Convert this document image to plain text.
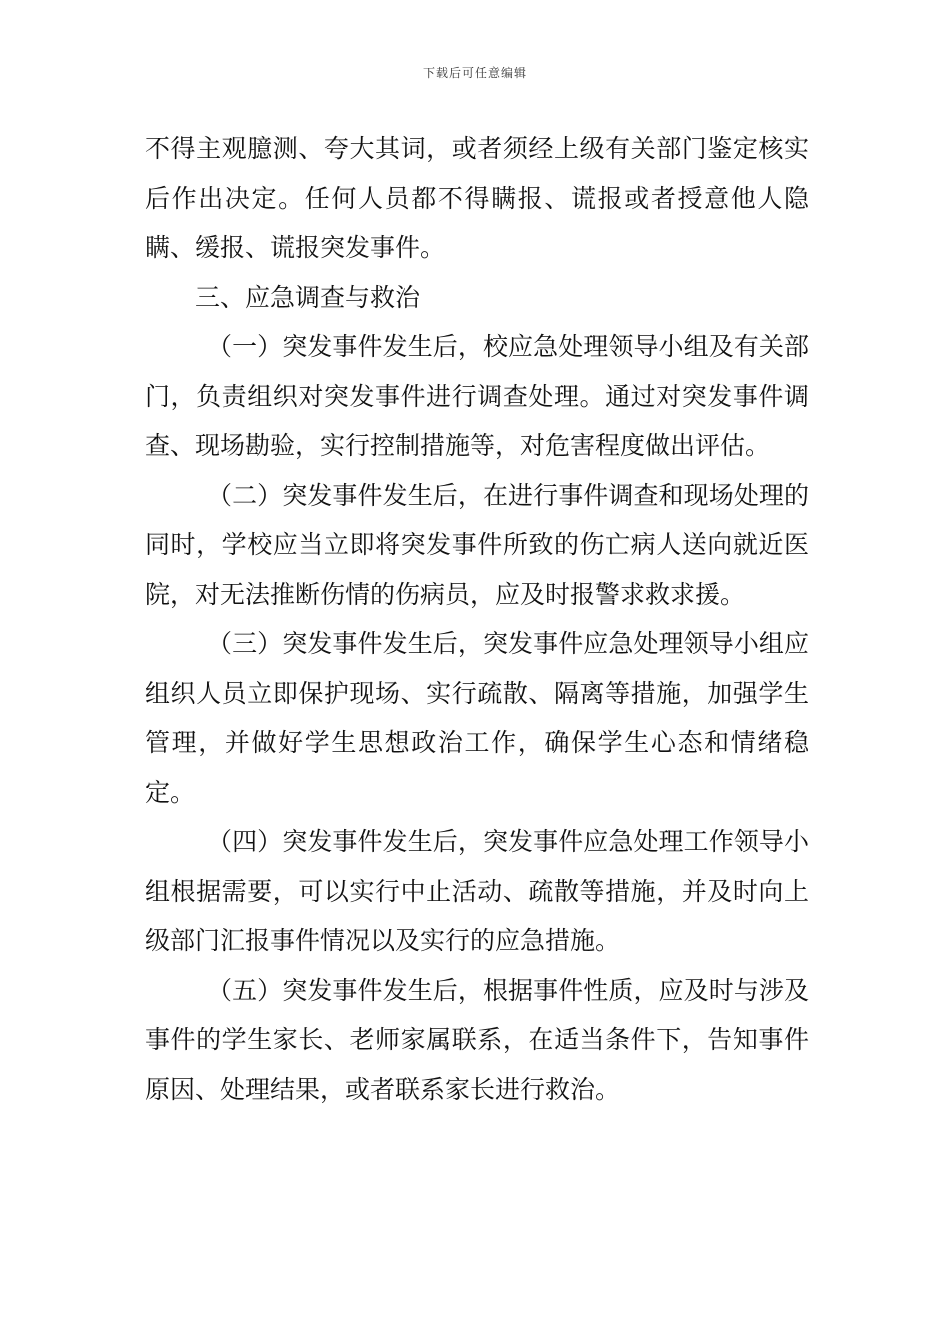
下载后可任意编辑

不得主观臆测、夸大其词，或者须经上级有关部门鉴定核实后作出决定。任何人员都不得瞒报、谎报或者授意他人隐瞒、缓报、谎报突发事件。

三、应急调查与救治

（一）突发事件发生后，校应急处理领导小组及有关部门，负责组织对突发事件进行调查处理。通过对突发事件调查、现场勘验，实行控制措施等，对危害程度做出评估。

（二）突发事件发生后，在进行事件调查和现场处理的同时，学校应当立即将突发事件所致的伤亡病人送向就近医院，对无法推断伤情的伤病员，应及时报警求救求援。

（三）突发事件发生后，突发事件应急处理领导小组应组织人员立即保护现场、实行疏散、隔离等措施，加强学生管理，并做好学生思想政治工作，确保学生心态和情绪稳定。

（四）突发事件发生后，突发事件应急处理工作领导小组根据需要，可以实行中止活动、疏散等措施，并及时向上级部门汇报事件情况以及实行的应急措施。

（五）突发事件发生后，根据事件性质，应及时与涉及事件的学生家长、老师家属联系，在适当条件下，告知事件原因、处理结果，或者联系家长进行救治。
